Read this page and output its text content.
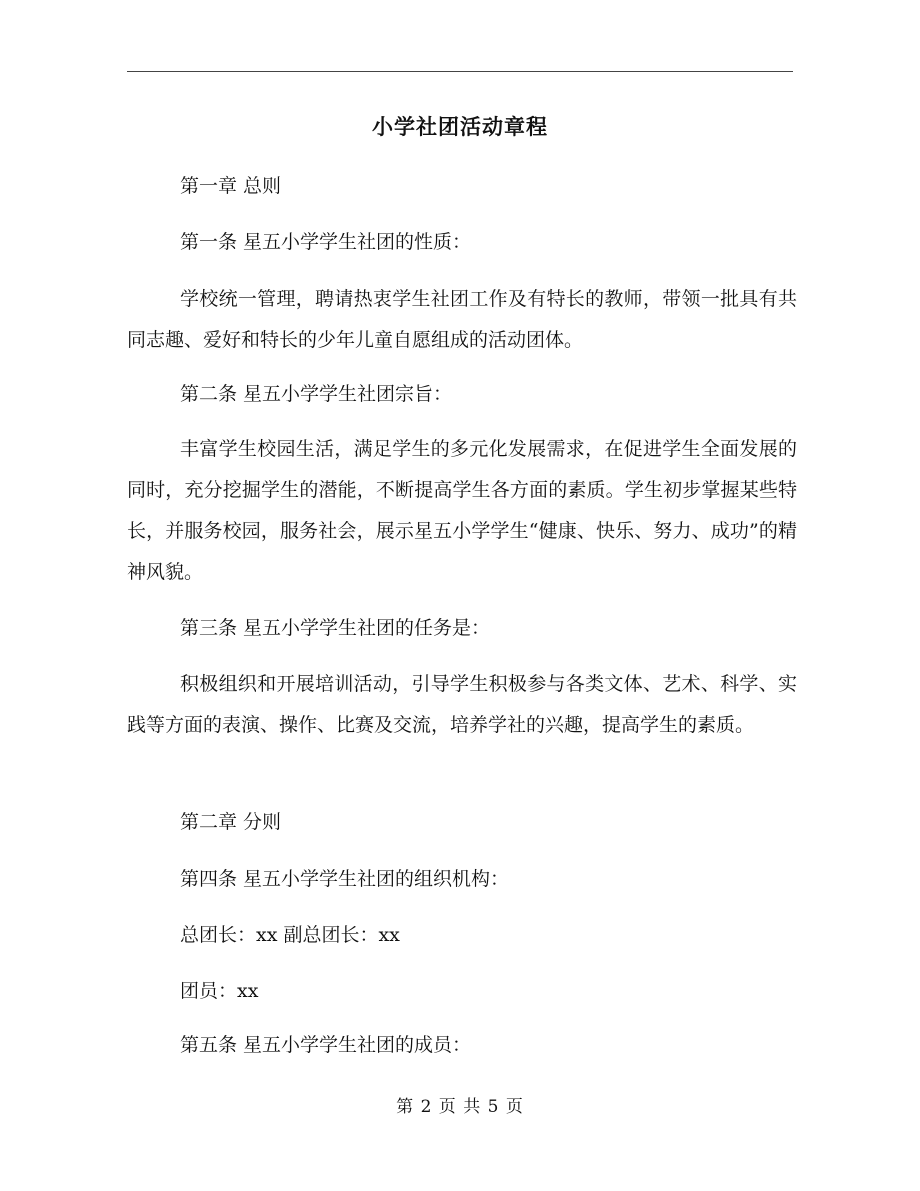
小学社团活动章程
第一章 总则
第一条 星五小学学生社团的性质：
学校统一管理，聘请热衷学生社团工作及有特长的教师，带领一批具有共同志趣、爱好和特长的少年儿童自愿组成的活动团体。
第二条 星五小学学生社团宗旨：
丰富学生校园生活，满足学生的多元化发展需求，在促进学生全面发展的同时，充分挖掘学生的潜能，不断提高学生各方面的素质。学生初步掌握某些特长，并服务校园，服务社会，展示星五小学学生“健康、快乐、努力、成功”的精神风貌。
第三条 星五小学学生社团的任务是：
积极组织和开展培训活动，引导学生积极参与各类文体、艺术、科学、实践等方面的表演、操作、比赛及交流，培养学社的兴趣，提高学生的素质。
第二章 分则
第四条 星五小学学生社团的组织机构：
总团长：xx 副总团长：xx
团员：xx
第五条 星五小学学生社团的成员：
第 2 页 共 5 页
